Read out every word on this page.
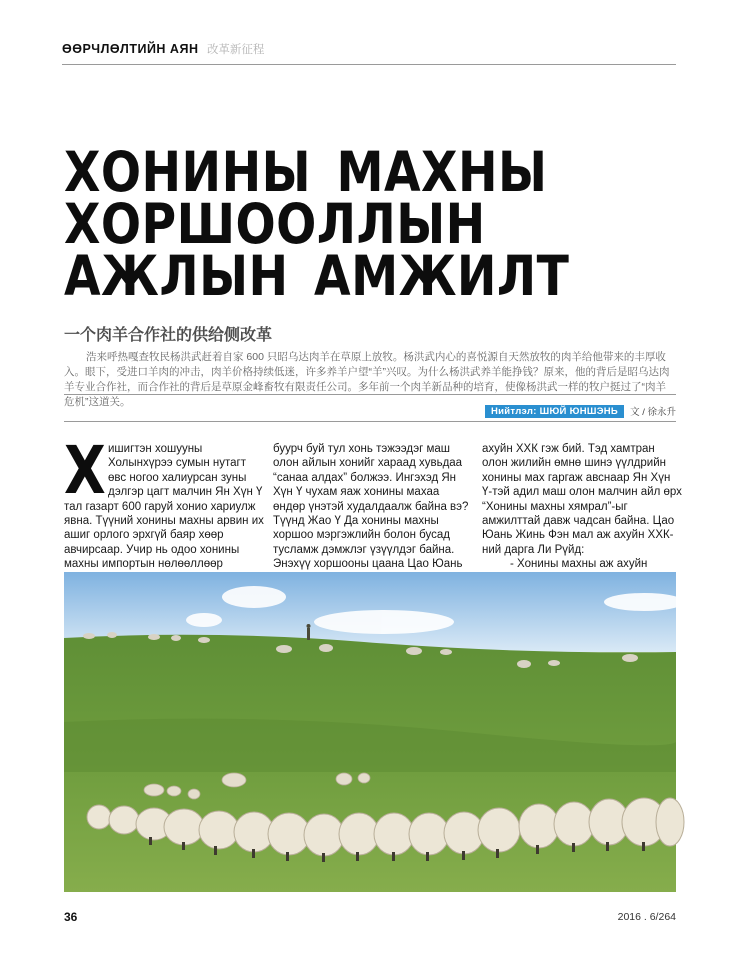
ӨӨРЧЛӨЛТИЙН АЯН 改革新征程
ХОНИНЫ МАХНЫ
ХОРШООЛЛЫН
АЖЛЫН АМЖИЛТ
一个肉羊合作社的供给侧改革

浩来呼热嘎查牧民杨洪武赶着自家 600 只昭乌达肉羊在草原上放牧。杨洪武内心的喜悦源自天然放牧的肉羊给他带来的丰厚收入。眼下，受进口羊肉的冲击，肉羊价格持续低迷，许多养羊户望“羊”兴叹。为什么杨洪武养羊能挣钱？原来，他的背后是昭乌达肉羊专业合作社，而合作社的背后是草原金峰畜牧有限责任公司。多年前一个肉羊新品种的培育，使像杨洪武一样的牧户挺过了“肉羊危机”这道关。

Нийтлэл: ШЮЙ ЮНШЭНЬ	文 / 徐永升

Хишигтэн хошууны Холынхүрээ сумын нутагт өвс ногоо халиурсан зуны дэлгэр цагт малчин Ян Хүн Ү тал газарт 600 гаруй хонио хариулж явна. Түүний хонины махны арвин их ашиг орлого эрхгүй баяр хөөр авчирсаар. Учир нь одоо хонины махны импортын нөлөөллөөр

буурч буй тул хонь тэжээдэг маш олон айлын хонийг хараад хувьдаа “санаа алдах” болжээ. Ингэхэд Ян Хүн Ү чухам яаж хонины махаа өндөр үнэтэй худалдаалж байна вэ? Түүнд Жао Ү Да хонины махны хоршоо мэргэжлийн болон бусад тусламж дэмжлэг үзүүлдэг байна. Энэхүү хоршооны цаана Цао Юань

ахуйн ХХК гэж бий. Тэд хамтран олон жилийн өмнө шинэ үүлдрийн хонины мах гаргаж авснаар Ян Хүн Ү-тэй адил маш олон малчин айл өрх “Хонины махны хямрал”-ыг амжилттай давж чадсан байна. Цао Юань Жинь Фэн мал аж ахуйн ХХК-ний дарга Ли Рүйд:
- Хонины махны аж ахуйн

36	2016 . 6/264
